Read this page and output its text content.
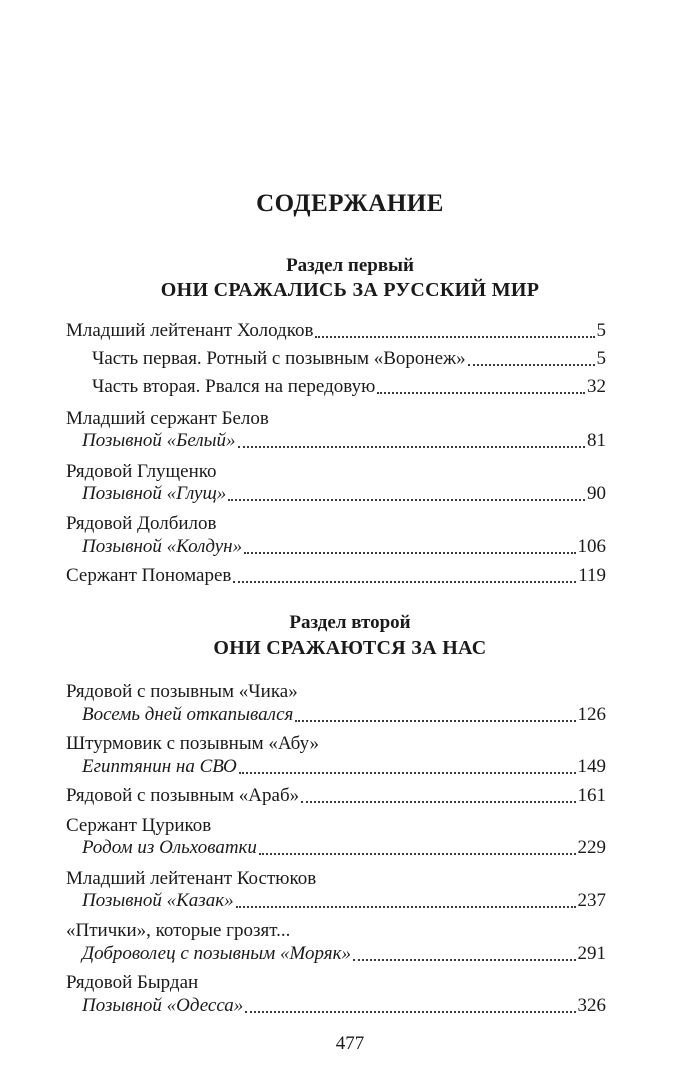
СОДЕРЖАНИЕ
Раздел первый
ОНИ СРАЖАЛИСЬ ЗА РУССКИЙ МИР
Младший лейтенант Холодков	5
Часть первая. Ротный с позывным «Воронеж»	5
Часть вторая. Рвался на передовую	32
Младший сержант Белов
Позывной «Белый»	81
Рядовой Глущенко
Позывной «Глущ»	90
Рядовой Долбилов
Позывной «Колдун»	106
Сержант Пономарев	119
Раздел второй
ОНИ СРАЖАЮТСЯ ЗА НАС
Рядовой с позывным «Чика»
Восемь дней откапывался	126
Штурмовик с позывным «Абу»
Египтянин на СВО	149
Рядовой с позывным «Араб»	161
Сержант Цуриков
Родом из Ольховатки	229
Младший лейтенант Костюков
Позывной «Казак»	237
«Птички», которые грозят...
Доброволец с позывным «Моряк»	291
Рядовой Бырдан
Позывной «Одесса»	326
477
